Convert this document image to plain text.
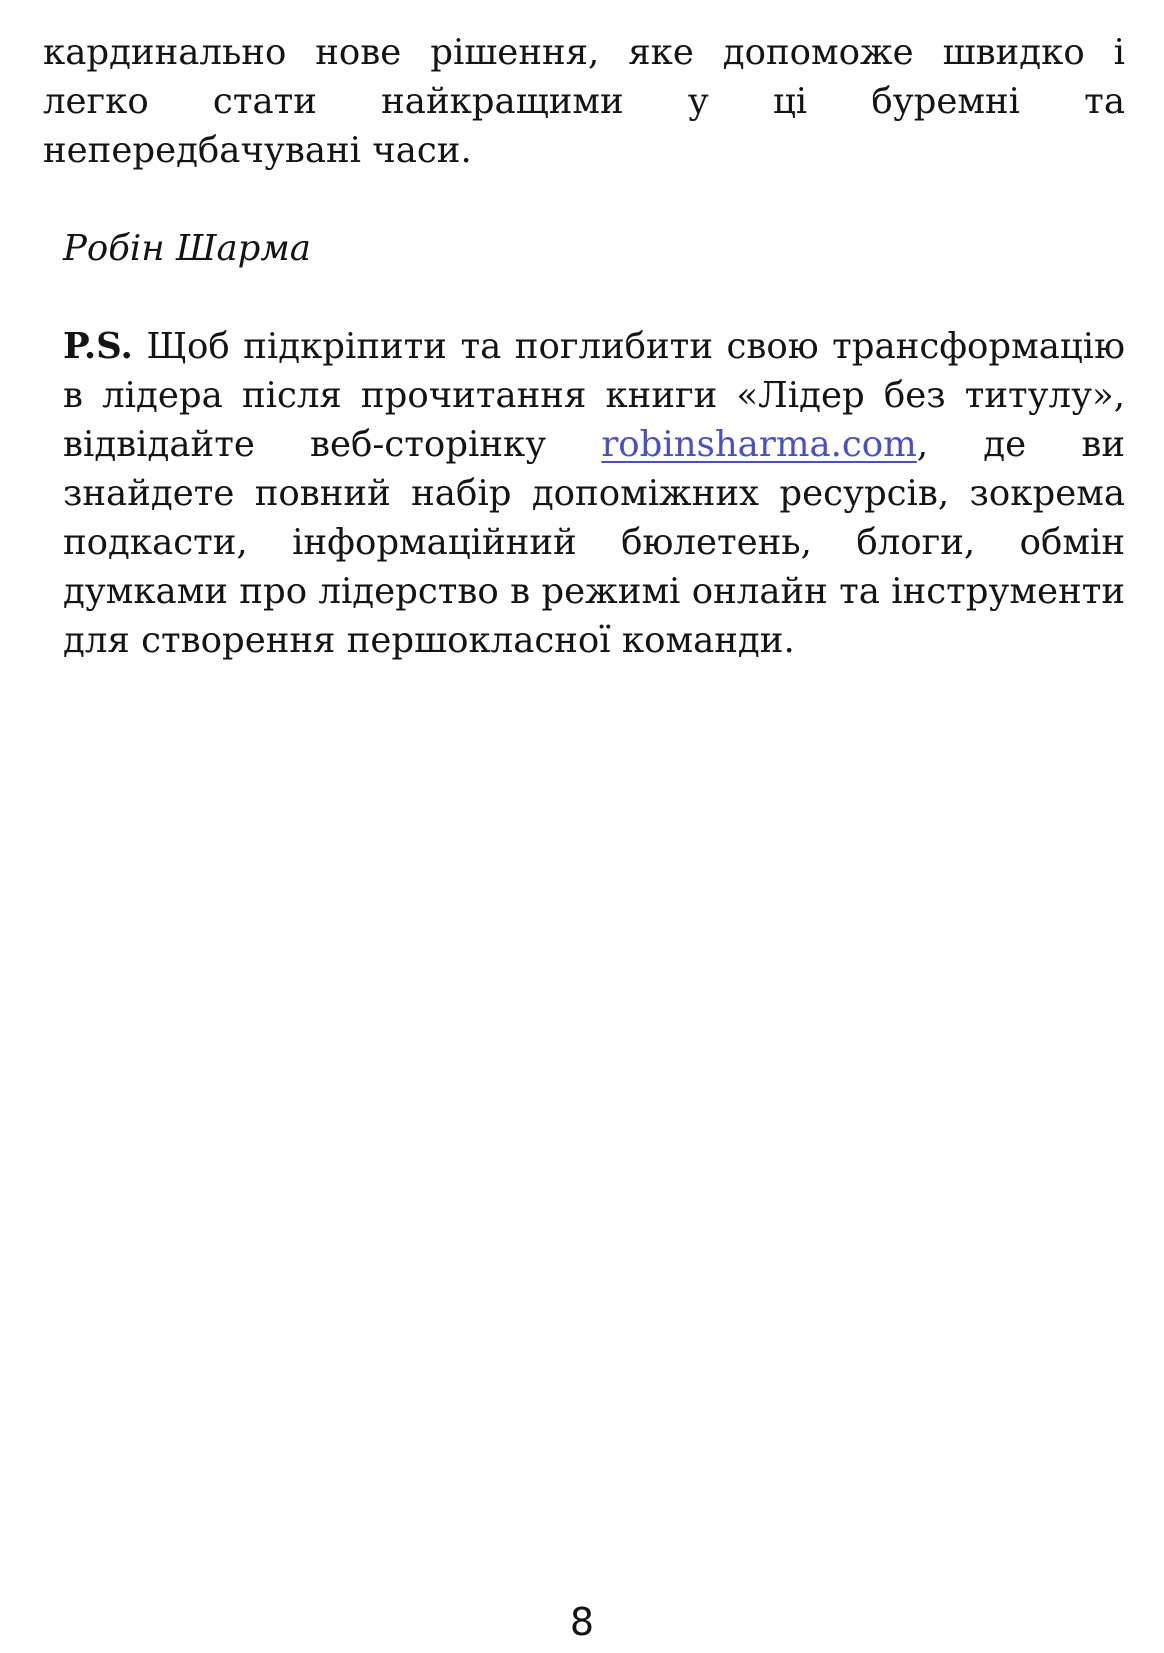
кардинально нове рішення, яке допоможе швидко і легко стати найкращими у ці буремні та непередбачувані часи.

Робін Шарма

P.S. Щоб підкріпити та поглибити свою трансформацію в лідера після прочитання книги «Лідер без титулу», відвідайте веб-сторінку robinsharma.com, де ви знайдете повний набір допоміжних ресурсів, зокрема подкасти, інформаційний бюлетень, блоги, обмін думками про лідерство в режимі онлайн та інструменти для створення першокласної команди.

8
